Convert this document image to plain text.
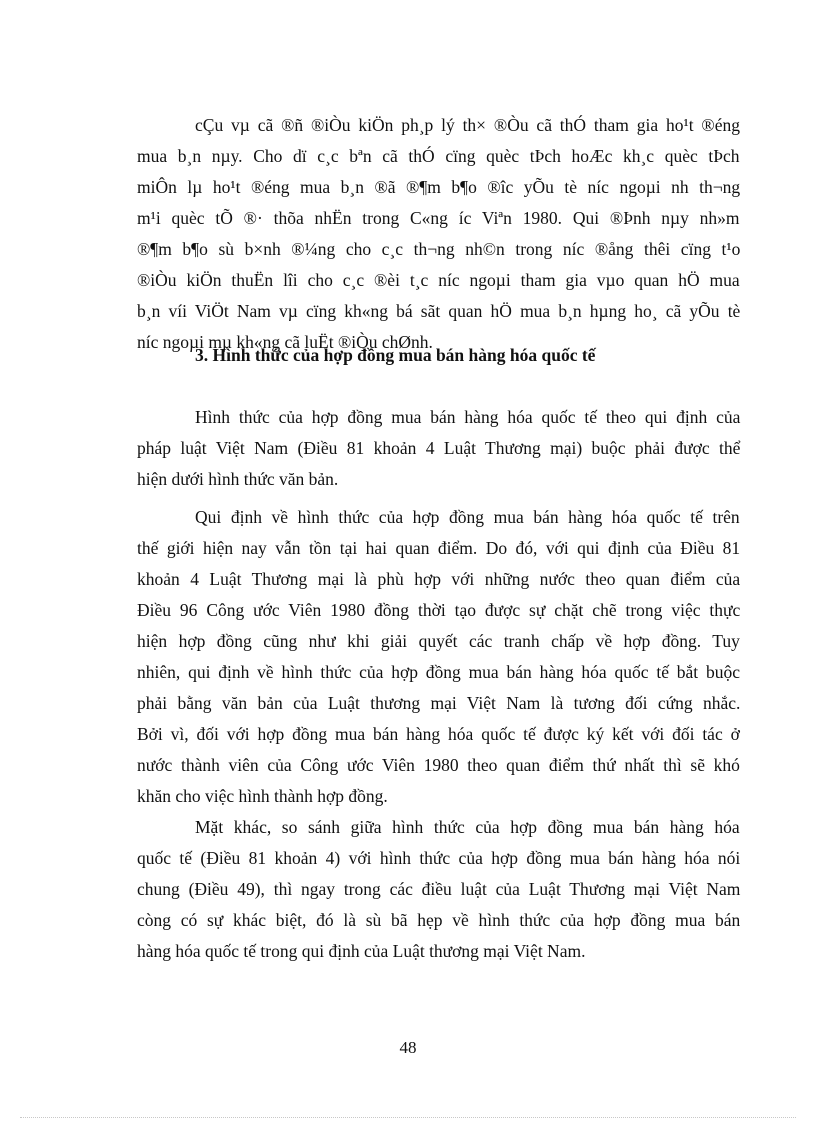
cÇu vµ cã ®ñ ®iÒu kiÖn ph¸p lý th× ®Òu cã thÓ tham gia ho¹t ®éng
mua b¸n nµy. Cho dï c¸c bªn cã thÓ cïng quèc tÞch hoÆc kh¸c quèc tÞch
miÔn lµ ho¹t ®éng mua b¸n ®ã ®¶m b¶o ®îc yÕu tè níc ngoµi nh th¬ng
m¹i quèc tÕ ®· thõa nhËn trong C«ng íc Viªn 1980. Qui ®Þnh nµy nh»m
®¶m b¶o sù b×nh ®¼ng cho c¸c th¬ng nh©n trong níc ®ång thêi cïng t¹o
®iÒu kiÖn thuËn lîi cho c¸c ®èi t¸c níc ngoµi tham gia vµo quan hÖ mua
b¸n víi ViÖt Nam vµ cïng kh«ng bá sãt quan hÖ mua b¸n hµng ho¸ cã yÕu tè
níc ngoµi mµ kh«ng cã luËt ®iÒu chØnh.

3. Hình thức của hợp đồng mua bán hàng hóa quốc tế

Hình thức của hợp đồng mua bán hàng hóa quốc tế theo qui định của
pháp luật Việt Nam (Điều 81 khoản 4 Luật Thương mại) buộc phải được thể
hiện dưới hình thức văn bản.

Qui định về hình thức của hợp đồng mua bán hàng hóa quốc tế trên
thế giới hiện nay vẫn tồn tại hai quan điểm. Do đó, với qui định của Điều 81
khoản 4 Luật Thương mại là phù hợp với những nước theo quan điểm của
Điều 96 Công ước Viên 1980 đồng thời tạo được sự chặt chẽ trong việc thực
hiện hợp đồng cũng như khi giải quyết các tranh chấp về hợp đồng. Tuy
nhiên, qui định về hình thức của hợp đồng mua bán hàng hóa quốc tế bắt buộc
phải bằng văn bản của Luật thương mại Việt Nam là tương đối cứng nhắc.
Bởi vì, đối với hợp đồng mua bán hàng hóa quốc tế được ký kết với đối tác ở
nước thành viên của Công ước Viên 1980 theo quan điểm thứ nhất thì sẽ khó
khăn cho việc hình thành hợp đồng.

Mặt khác, so sánh giữa hình thức của hợp đồng mua bán hàng hóa
quốc tế (Điều 81 khoản 4) với hình thức của hợp đồng mua bán hàng hóa nói
chung (Điều 49), thì ngay trong các điều luật của Luật Thương mại Việt Nam
còng có sự khác biệt, đó là sù bã hẹp về hình thức của hợp đồng mua bán
hàng hóa quốc tế trong qui định của Luật thương mại Việt Nam.

48
